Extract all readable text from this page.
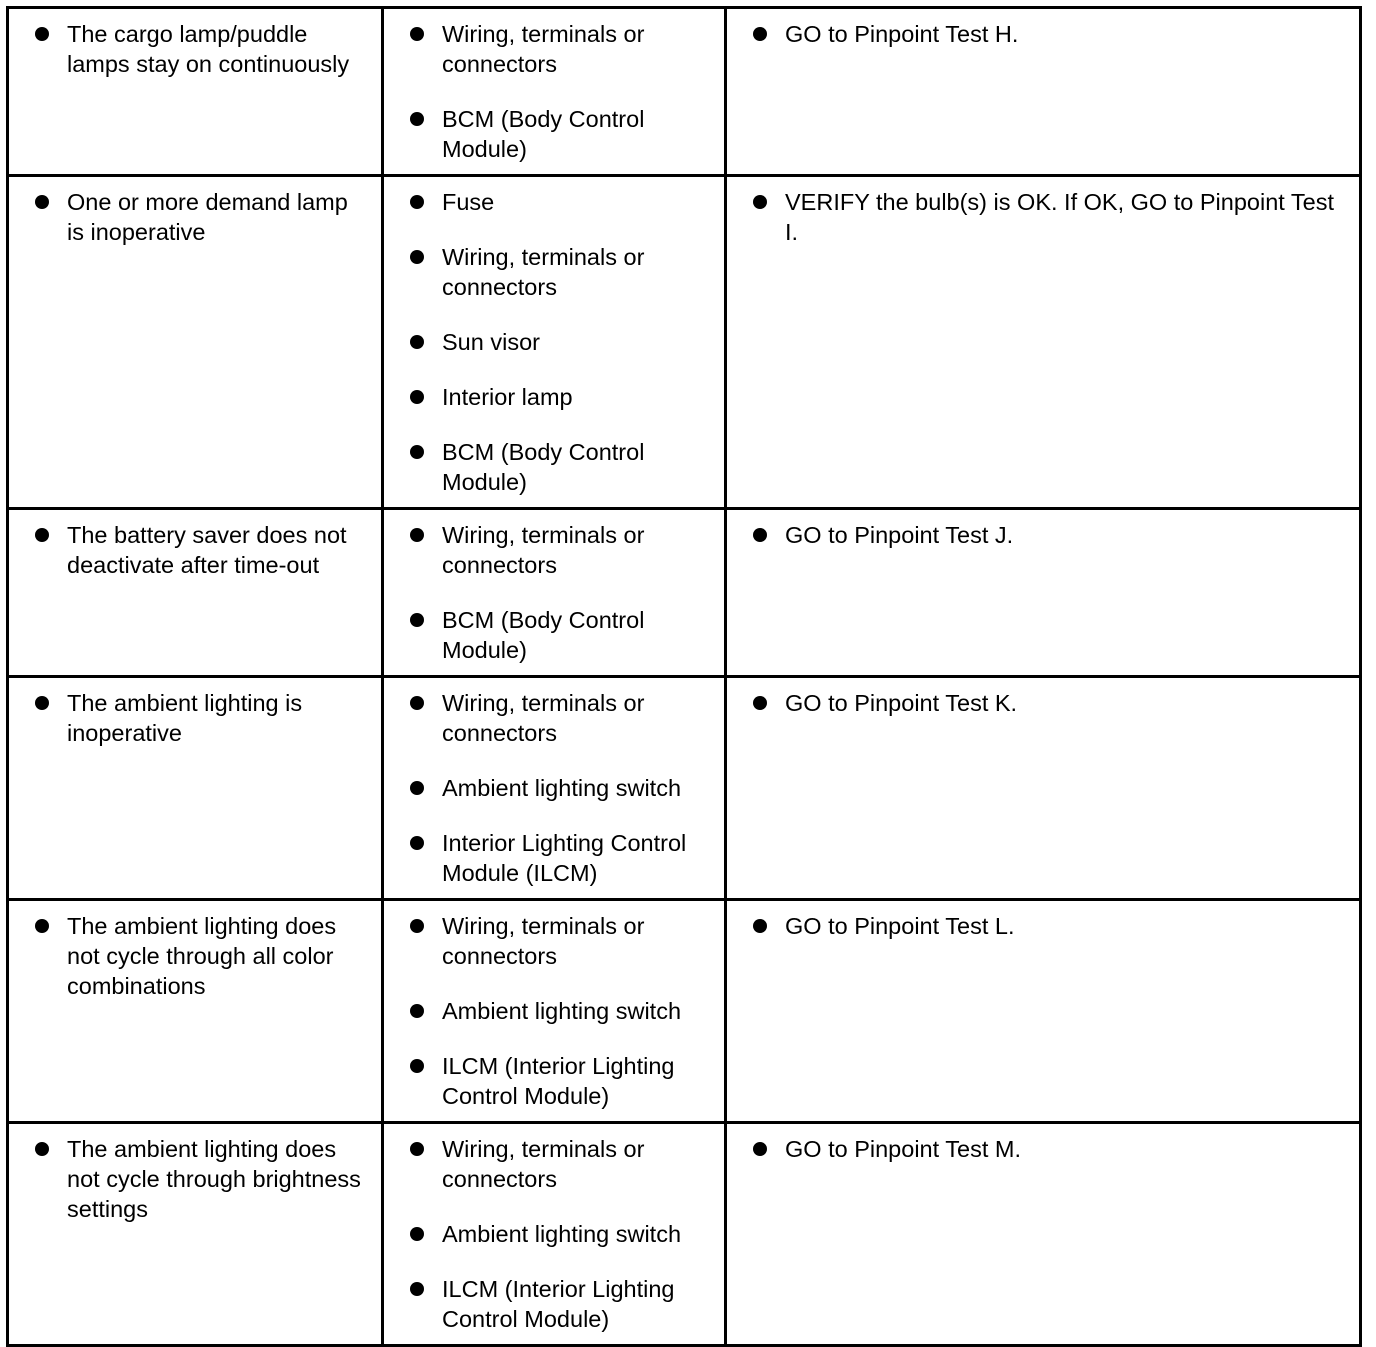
The cargo lamp/puddle lamps stay on continuously	Wiring, terminals or connectors
BCM (Body Control Module)	GO to Pinpoint Test H.

One or more demand lamp is inoperative	Fuse
Wiring, terminals or connectors
Sun visor
Interior lamp
BCM (Body Control Module)	VERIFY the bulb(s) is OK. If OK, GO to Pinpoint Test I.

The battery saver does not deactivate after time-out	Wiring, terminals or connectors
BCM (Body Control Module)	GO to Pinpoint Test J.

The ambient lighting is inoperative	Wiring, terminals or connectors
Ambient lighting switch
Interior Lighting Control Module (ILCM)	GO to Pinpoint Test K.

The ambient lighting does not cycle through all color combinations	Wiring, terminals or connectors
Ambient lighting switch
ILCM (Interior Lighting Control Module)	GO to Pinpoint Test L.

The ambient lighting does not cycle through brightness settings	Wiring, terminals or connectors
Ambient lighting switch
ILCM (Interior Lighting Control Module)	GO to Pinpoint Test M.
